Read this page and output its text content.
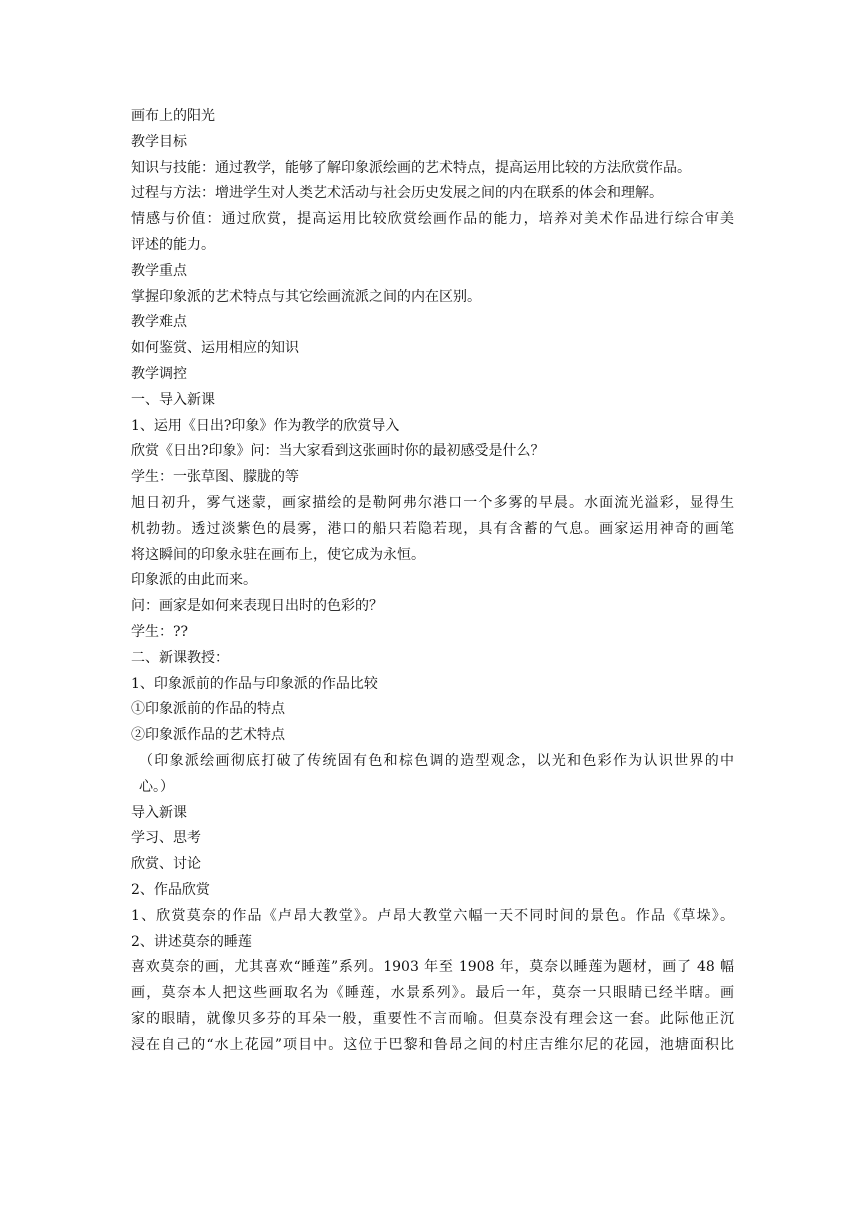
画布上的阳光
教学目标
知识与技能：通过教学，能够了解印象派绘画的艺术特点，提高运用比较的方法欣赏作品。
过程与方法：增进学生对人类艺术活动与社会历史发展之间的内在联系的体会和理解。
情感与价值：通过欣赏，提高运用比较欣赏绘画作品的能力，培养对美术作品进行综合审美
评述的能力。
教学重点
掌握印象派的艺术特点与其它绘画流派之间的内在区别。
教学难点
如何鉴赏、运用相应的知识
教学调控
一、导入新课
1、运用《日出?印象》作为教学的欣赏导入
欣赏《日出?印象》问：当大家看到这张画时你的最初感受是什么？
学生：一张草图、朦胧的等
旭日初升，雾气迷蒙，画家描绘的是勒阿弗尔港口一个多雾的早晨。水面流光溢彩，显得生
机勃勃。透过淡紫色的晨雾，港口的船只若隐若现，具有含蓄的气息。画家运用神奇的画笔
将这瞬间的印象永驻在画布上，使它成为永恒。
印象派的由此而来。
问：画家是如何来表现日出时的色彩的？
学生：??
二、新课教授：
1、印象派前的作品与印象派的作品比较
①印象派前的作品的特点
②印象派作品的艺术特点
（印象派绘画彻底打破了传统固有色和棕色调的造型观念，以光和色彩作为认识世界的中
心。）
导入新课
学习、思考
欣赏、讨论
2、作品欣赏
1、欣赏莫奈的作品《卢昂大教堂》。卢昂大教堂六幅一天不同时间的景色。作品《草垛》。
2、讲述莫奈的睡莲
喜欢莫奈的画，尤其喜欢“睡莲”系列。1903 年至 1908 年，莫奈以睡莲为题材，画了 48 幅
画，莫奈本人把这些画取名为《睡莲，水景系列》。最后一年，莫奈一只眼睛已经半瞎。画
家的眼睛，就像贝多芬的耳朵一般，重要性不言而喻。但莫奈没有理会这一套。此际他正沉
浸在自己的“水上花园”项目中。这位于巴黎和鲁昂之间的村庄吉维尔尼的花园，池塘面积比
